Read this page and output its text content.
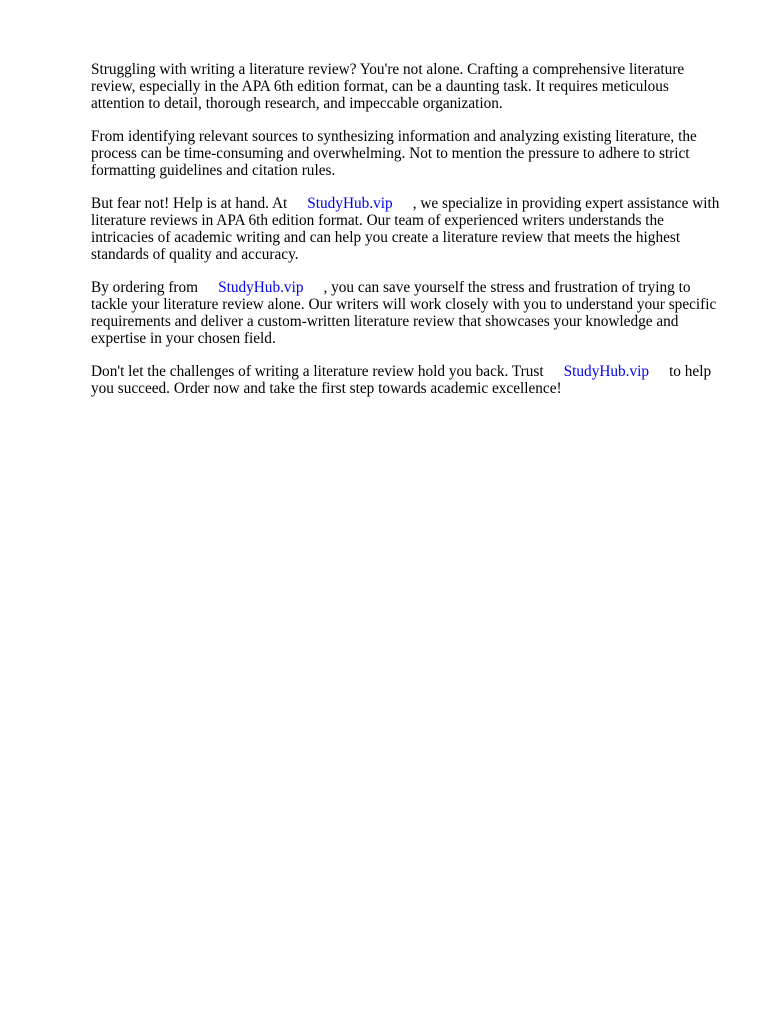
Struggling with writing a literature review? You're not alone. Crafting a comprehensive literature review, especially in the APA 6th edition format, can be a daunting task. It requires meticulous attention to detail, thorough research, and impeccable organization.

From identifying relevant sources to synthesizing information and analyzing existing literature, the process can be time-consuming and overwhelming. Not to mention the pressure to adhere to strict formatting guidelines and citation rules.

But fear not! Help is at hand. At StudyHub.vip , we specialize in providing expert assistance with literature reviews in APA 6th edition format. Our team of experienced writers understands the intricacies of academic writing and can help you create a literature review that meets the highest standards of quality and accuracy.

By ordering from StudyHub.vip , you can save yourself the stress and frustration of trying to tackle your literature review alone. Our writers will work closely with you to understand your specific requirements and deliver a custom-written literature review that showcases your knowledge and expertise in your chosen field.

Don't let the challenges of writing a literature review hold you back. Trust StudyHub.vip to help you succeed. Order now and take the first step towards academic excellence!
